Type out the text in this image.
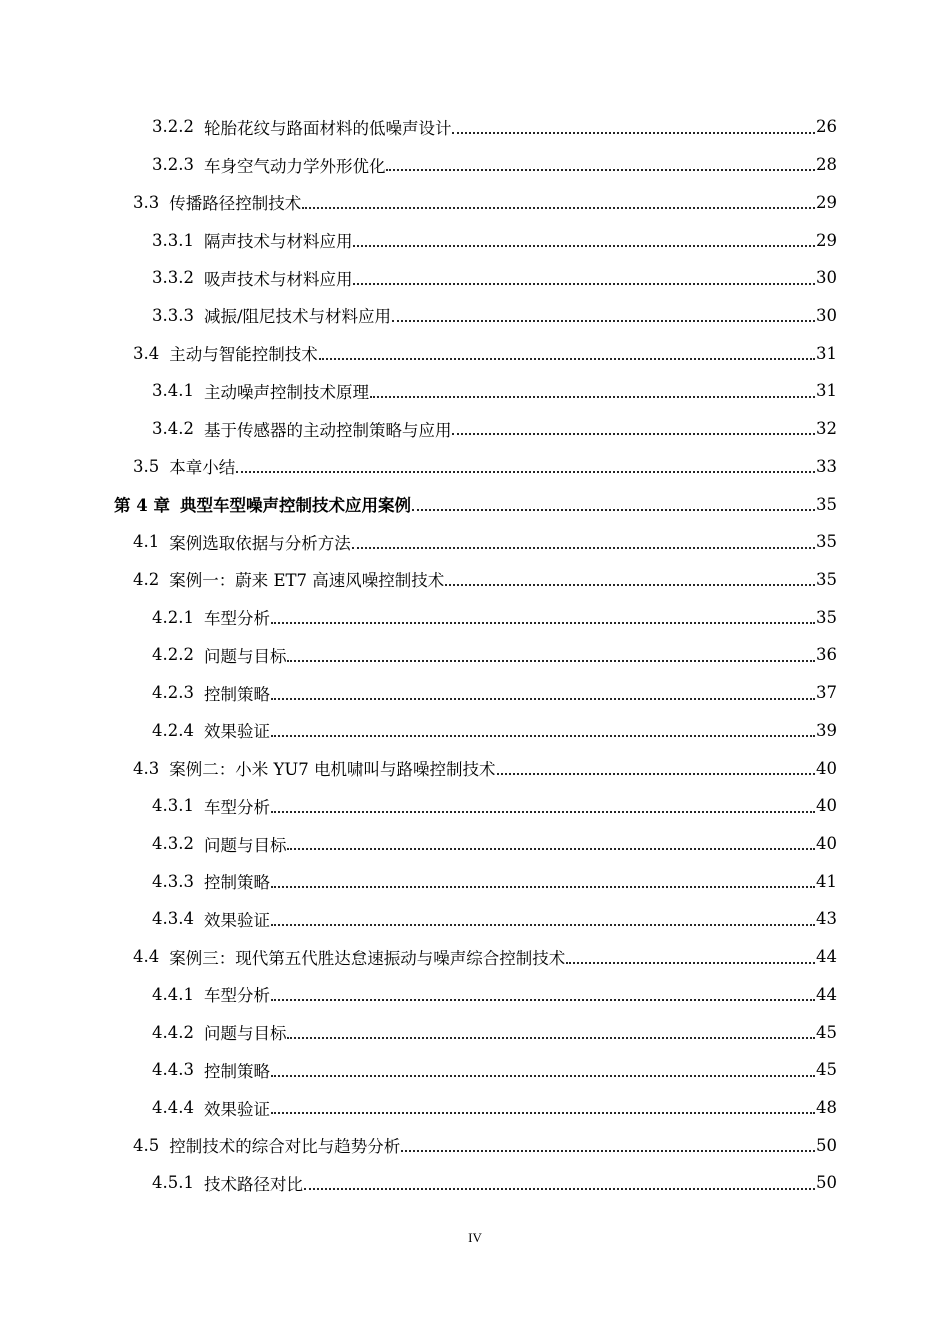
3.2.2 轮胎花纹与路面材料的低噪声设计	26
3.2.3 车身空气动力学外形优化	28
3.3 传播路径控制技术	29
3.3.1 隔声技术与材料应用	29
3.3.2 吸声技术与材料应用	30
3.3.3 减振/阻尼技术与材料应用	30
3.4 主动与智能控制技术	31
3.4.1 主动噪声控制技术原理	31
3.4.2 基于传感器的主动控制策略与应用	32
3.5 本章小结	33
第 4 章 典型车型噪声控制技术应用案例	35
4.1 案例选取依据与分析方法	35
4.2 案例一：蔚来 ET7 高速风噪控制技术	35
4.2.1 车型分析	35
4.2.2 问题与目标	36
4.2.3 控制策略	37
4.2.4 效果验证	39
4.3 案例二：小米 YU7 电机啸叫与路噪控制技术	40
4.3.1 车型分析	40
4.3.2 问题与目标	40
4.3.3 控制策略	41
4.3.4 效果验证	43
4.4 案例三：现代第五代胜达怠速振动与噪声综合控制技术	44
4.4.1 车型分析	44
4.4.2 问题与目标	45
4.4.3 控制策略	45
4.4.4 效果验证	48
4.5 控制技术的综合对比与趋势分析	50
4.5.1 技术路径对比	50
IV
